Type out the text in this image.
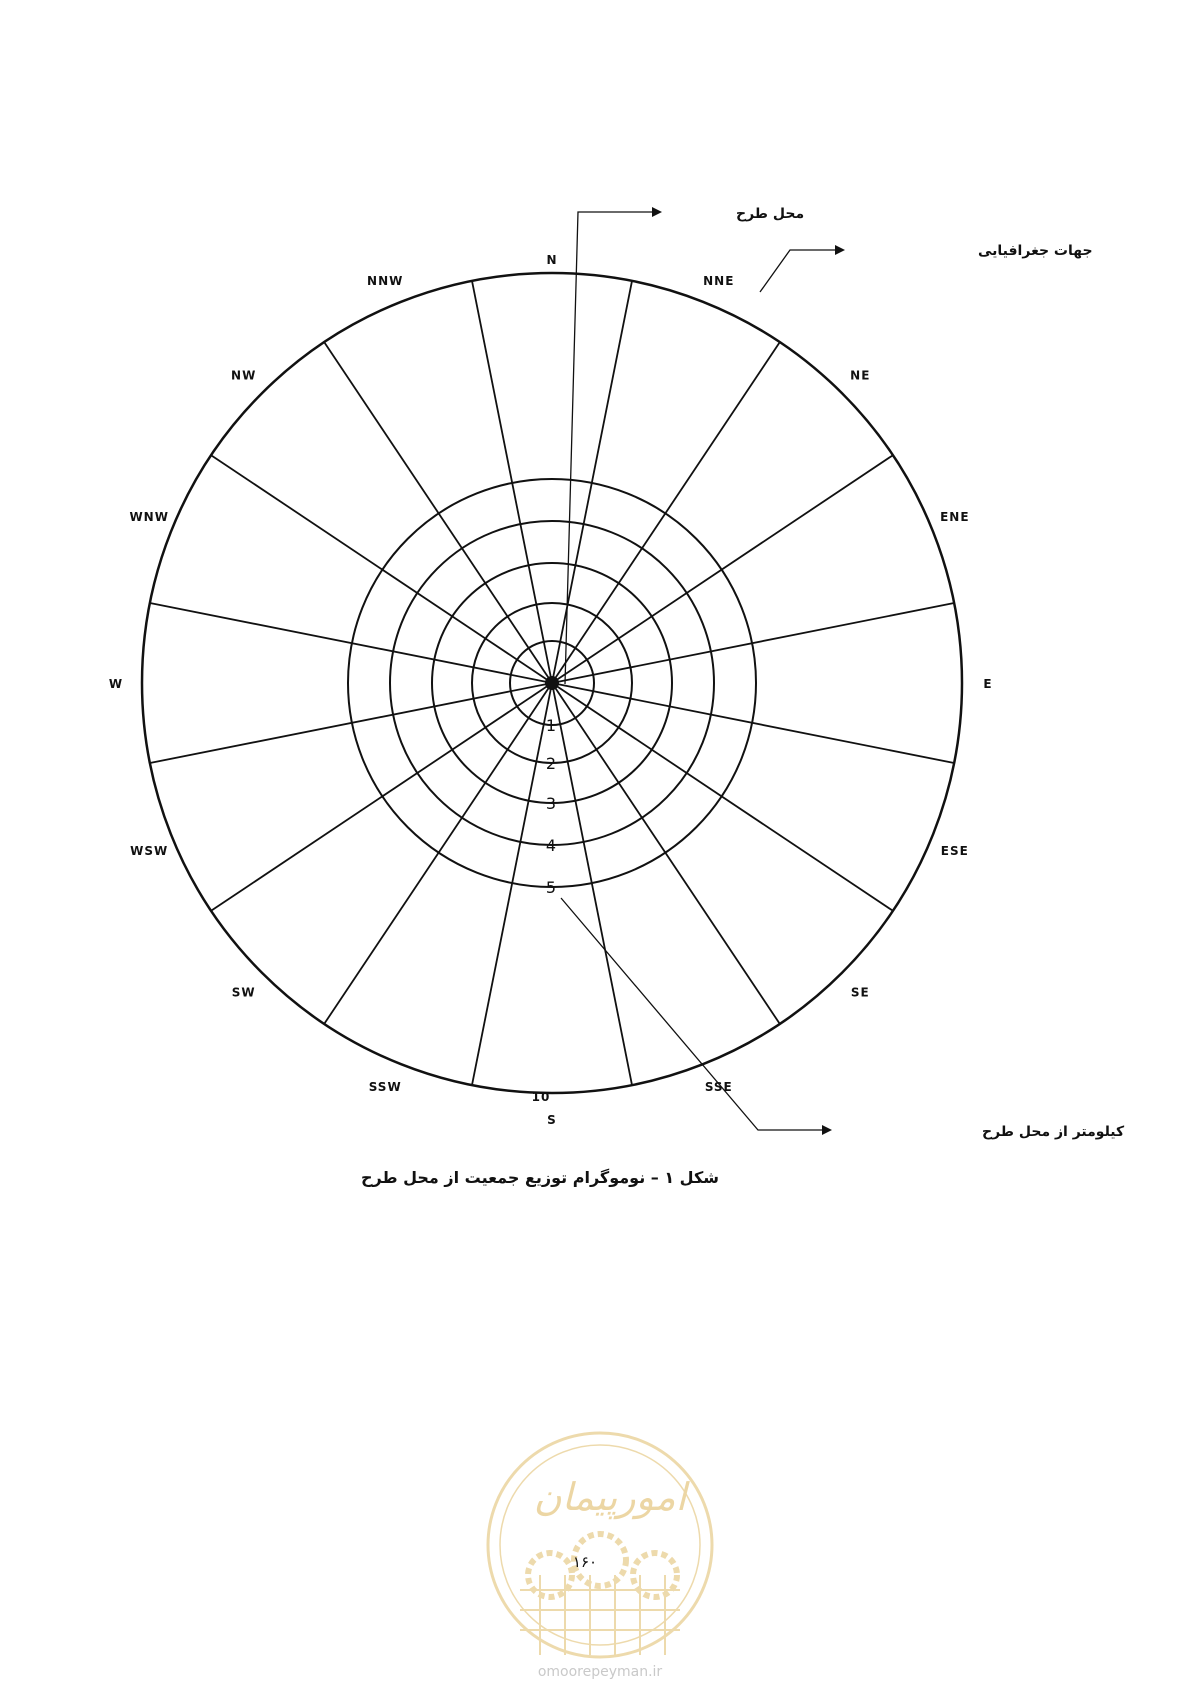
N
NNE
NE
ENE
E
ESE
SE
SSE
S
SSW
SW
WSW
W
WNW
NW
NNW
1
2
3
4
5
10
محل طرح
جهات جغرافیایی
کیلومتر از محل طرح
شکل ۱ – نوموگرام توزیع جمعیت از محل طرح
امورپیمان
۱۶۰
omoorepeyman.ir
